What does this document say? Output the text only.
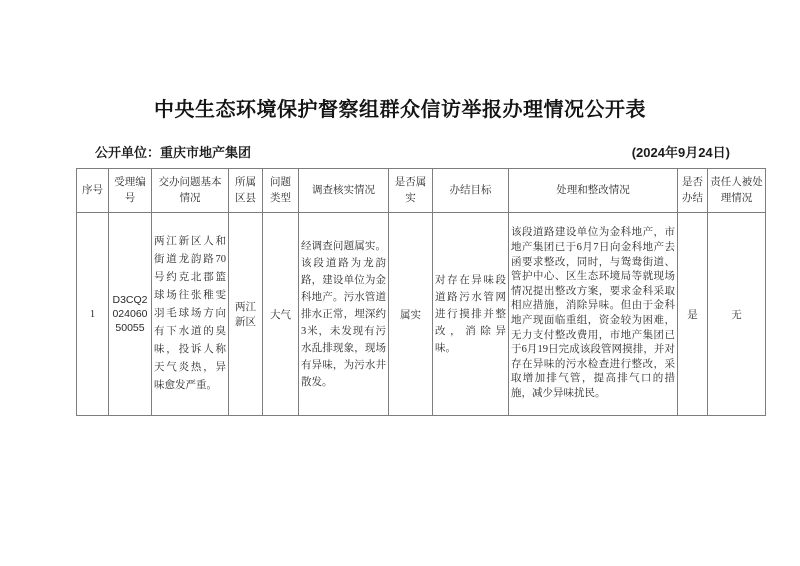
中央生态环境保护督察组群众信访举报办理情况公开表
公开单位：重庆市地产集团	(2024年9月24日)
序号	受理编号	交办问题基本情况	所属区县	问题类型	调查核实情况	是否属实	办结目标	处理和整改情况	是否办结	责任人被处理情况
1	D3CQ202406050055	两江新区人和街道龙韵路70号约克北郡篮球场往张稚雯羽毛球场方向有下水道的臭味，投诉人称天气炎热，异味愈发严重。	两江新区	大气	经调查问题属实。该段道路为龙韵路，建设单位为金科地产。污水管道排水正常，埋深约3米，未发现有污水乱排现象，现场有异味，为污水井散发。	属实	对存在异味段道路污水管网进行摸排并整改，消除异味。	该段道路建设单位为金科地产，市地产集团已于6月7日向金科地产去函要求整改，同时，与鸳鸯街道、管护中心、区生态环境局等就现场情况提出整改方案，要求金科采取相应措施，消除异味。但由于金科地产现面临重组，资金较为困难，无力支付整改费用，市地产集团已于6月19日完成该段管网摸排，并对存在异味的污水检查进行整改，采取增加排气管，提高排气口的措施，减少异味扰民。	是	无
